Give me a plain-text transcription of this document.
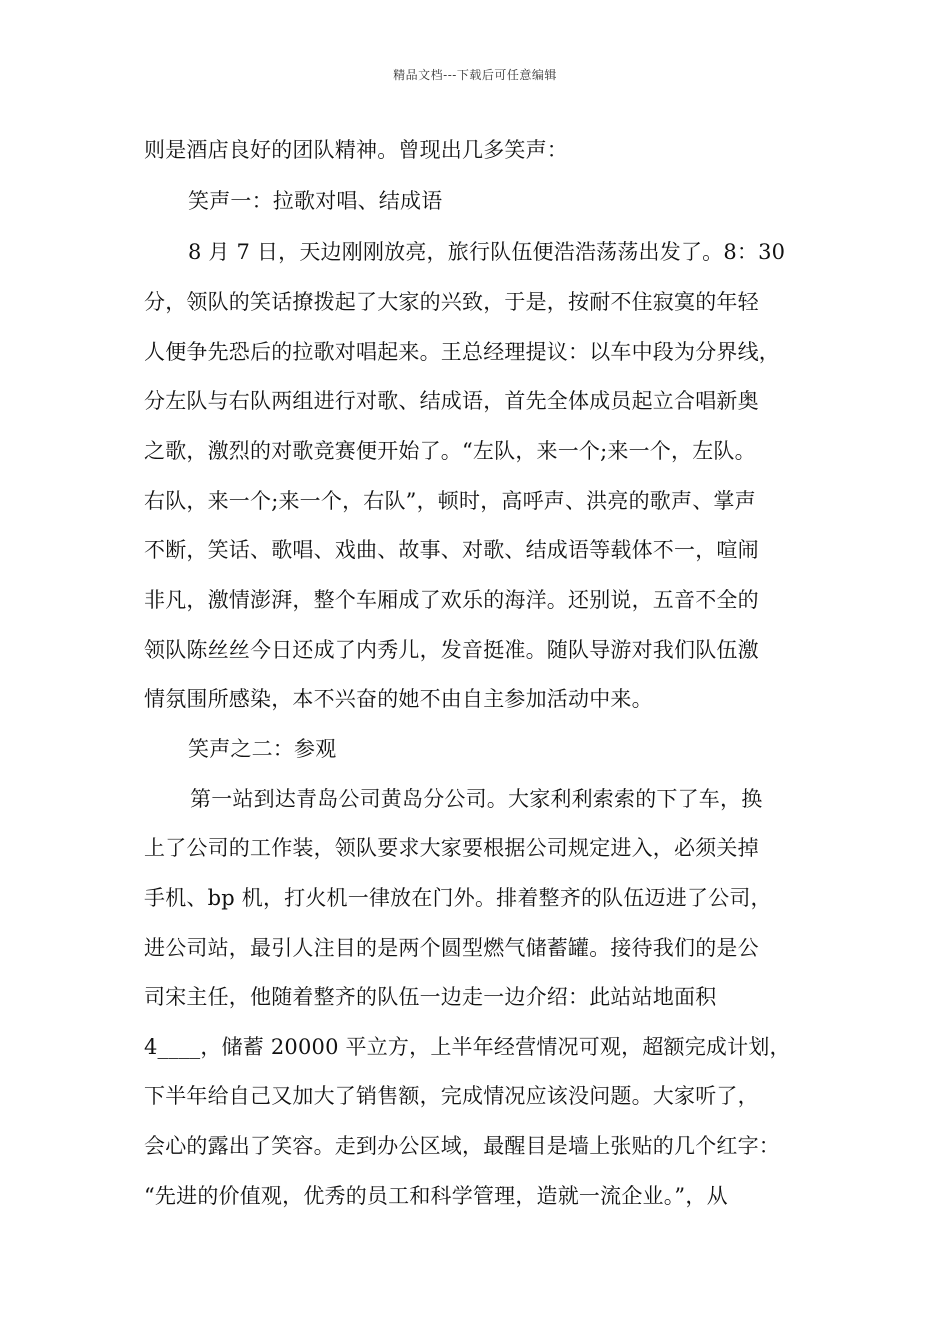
精品文档---下载后可任意编辑
则是酒店良好的团队精神。曾现出几多笑声：
笑声一：拉歌对唱、结成语
8 月 7 日，天边刚刚放亮，旅行队伍便浩浩荡荡出发了。8：30
分，领队的笑话撩拨起了大家的兴致，于是，按耐不住寂寞的年轻
人便争先恐后的拉歌对唱起来。王总经理提议：以车中段为分界线，
分左队与右队两组进行对歌、结成语，首先全体成员起立合唱新奥
之歌，激烈的对歌竞赛便开始了。“左队，来一个;来一个，左队。
右队，来一个;来一个，右队”，顿时，高呼声、洪亮的歌声、掌声
不断，笑话、歌唱、戏曲、故事、对歌、结成语等载体不一，喧闹
非凡，激情澎湃，整个车厢成了欢乐的海洋。还别说，五音不全的
领队陈丝丝今日还成了内秀儿，发音挺准。随队导游对我们队伍激
情氛围所感染，本不兴奋的她不由自主参加活动中来。
笑声之二：参观
第一站到达青岛公司黄岛分公司。大家利利索索的下了车，换
上了公司的工作装，领队要求大家要根据公司规定进入，必须关掉
手机、bp 机，打火机一律放在门外。排着整齐的队伍迈进了公司，
进公司站，最引人注目的是两个圆型燃气储蓄罐。接待我们的是公
司宋主任，他随着整齐的队伍一边走一边介绍：此站站地面积
4____，储蓄 20000 平立方，上半年经营情况可观，超额完成计划，
下半年给自己又加大了销售额，完成情况应该没问题。大家听了，
会心的露出了笑容。走到办公区域，最醒目是墙上张贴的几个红字：
“先进的价值观，优秀的员工和科学管理，造就一流企业。”，从
